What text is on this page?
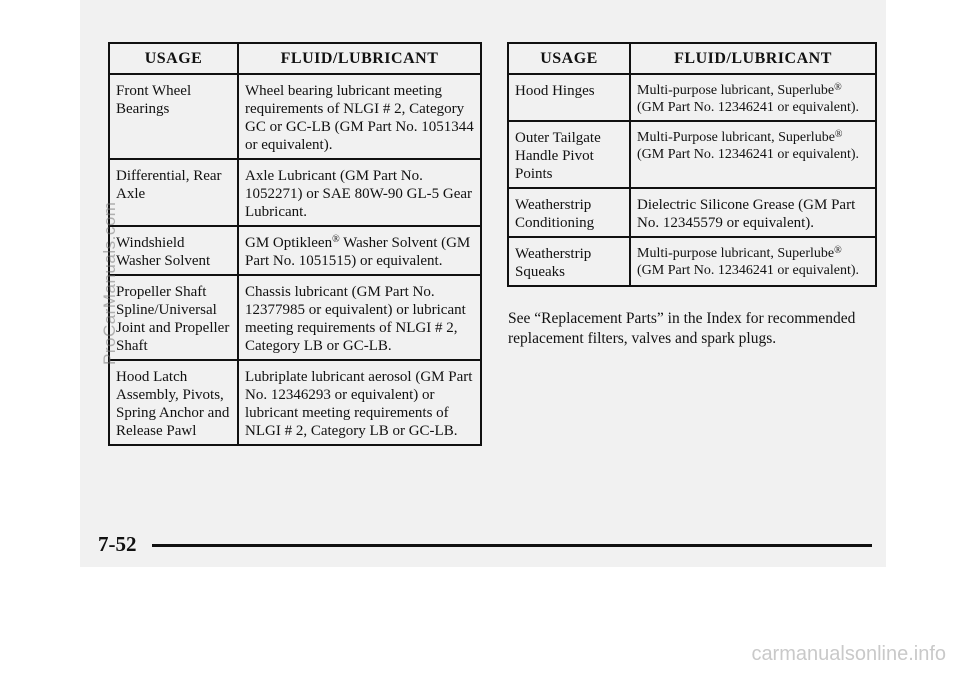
USAGE	FLUID/LUBRICANT
Front Wheel Bearings	Wheel bearing lubricant meeting requirements of NLGI # 2, Category GC or GC-LB (GM Part No. 1051344 or equivalent).
Differential, Rear Axle	Axle Lubricant (GM Part No. 1052271) or SAE 80W-90 GL-5 Gear Lubricant.
Windshield Washer Solvent	GM Optikleen® Washer Solvent (GM Part No. 1051515) or equivalent.
Propeller Shaft Spline/Universal Joint and Propeller Shaft	Chassis lubricant (GM Part No. 12377985 or equivalent) or lubricant meeting requirements of NLGI # 2, Category LB or GC-LB.
Hood Latch Assembly, Pivots, Spring Anchor and Release Pawl	Lubriplate lubricant aerosol (GM Part No. 12346293 or equivalent) or lubricant meeting requirements of NLGI # 2, Category LB or GC-LB.
USAGE	FLUID/LUBRICANT
Hood Hinges	Multi-purpose lubricant, Superlube® (GM Part No. 12346241 or equivalent).
Outer Tailgate Handle Pivot Points	Multi-Purpose lubricant, Superlube® (GM Part No. 12346241 or equivalent).
Weatherstrip Conditioning	Dielectric Silicone Grease (GM Part No. 12345579 or equivalent).
Weatherstrip Squeaks	Multi-purpose lubricant, Superlube® (GM Part No. 12346241 or equivalent).
See “Replacement Parts” in the Index for recommended replacement filters, valves and spark plugs.
7-52
ProCarManuals.com
carmanualsonline.info
